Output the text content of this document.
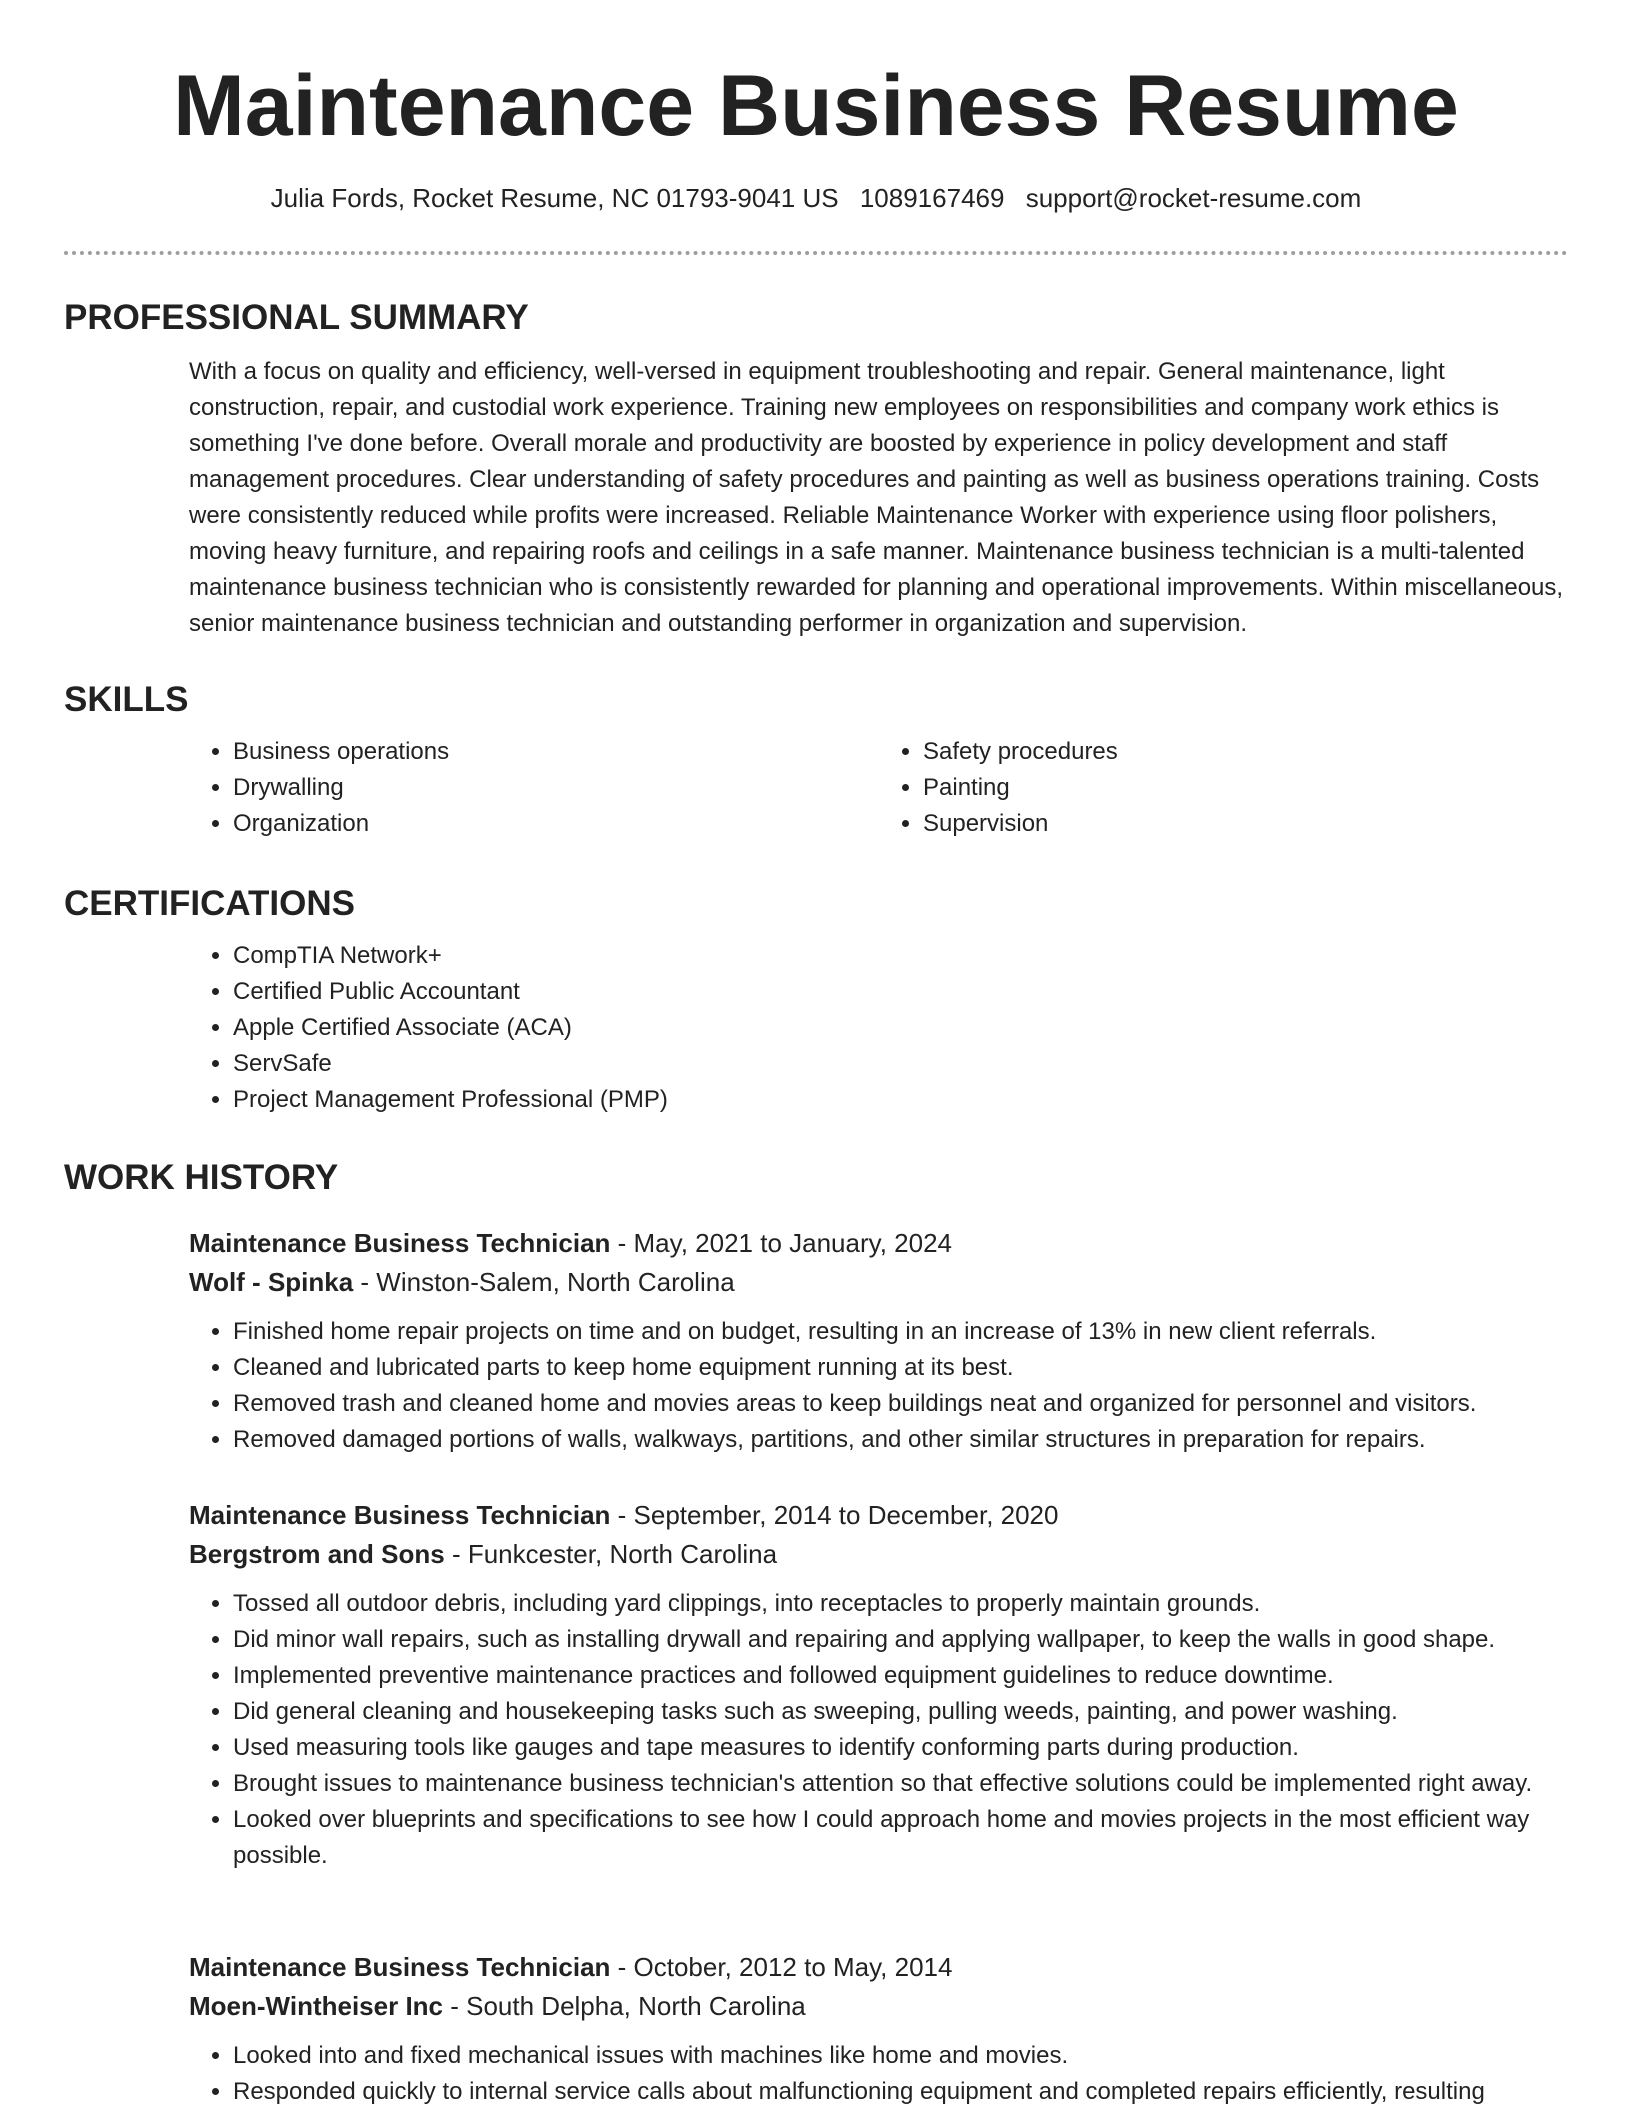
Maintenance Business Resume
Julia Fords, Rocket Resume, NC 01793-9041 US 1089167469 support@rocket-resume.com
PROFESSIONAL SUMMARY

With a focus on quality and efficiency, well-versed in equipment troubleshooting and repair. General maintenance, light construction, repair, and custodial work experience. Training new employees on responsibilities and company work ethics is something I've done before. Overall morale and productivity are boosted by experience in policy development and staff management procedures. Clear understanding of safety procedures and painting as well as business operations training. Costs were consistently reduced while profits were increased. Reliable Maintenance Worker with experience using floor polishers, moving heavy furniture, and repairing roofs and ceilings in a safe manner. Maintenance business technician is a multi-talented maintenance business technician who is consistently rewarded for planning and operational improvements. Within miscellaneous, senior maintenance business technician and outstanding performer in organization and supervision.

SKILLS
• Business operations
• Drywalling
• Organization
• Safety procedures
• Painting
• Supervision
CERTIFICATIONS
• CompTIA Network+
• Certified Public Accountant
• Apple Certified Associate (ACA)
• ServSafe
• Project Management Professional (PMP)
WORK HISTORY

Maintenance Business Technician - May, 2021 to January, 2024

Wolf - Spinka - Winston-Salem, North Carolina

• Finished home repair projects on time and on budget, resulting in an increase of 13% in new client referrals.
• Cleaned and lubricated parts to keep home equipment running at its best.
• Removed trash and cleaned home and movies areas to keep buildings neat and organized for personnel and visitors.
• Removed damaged portions of walls, walkways, partitions, and other similar structures in preparation for repairs.

Maintenance Business Technician - September, 2014 to December, 2020

Bergstrom and Sons - Funkcester, North Carolina

• Tossed all outdoor debris, including yard clippings, into receptacles to properly maintain grounds.
• Did minor wall repairs, such as installing drywall and repairing and applying wallpaper, to keep the walls in good shape.
• Implemented preventive maintenance practices and followed equipment guidelines to reduce downtime.
• Did general cleaning and housekeeping tasks such as sweeping, pulling weeds, painting, and power washing.
• Used measuring tools like gauges and tape measures to identify conforming parts during production.
• Brought issues to maintenance business technician's attention so that effective solutions could be implemented right away.
• Looked over blueprints and specifications to see how I could approach home and movies projects in the most efficient way possible.

Maintenance Business Technician - October, 2012 to May, 2014

Moen-Wintheiser Inc - South Delpha, North Carolina

• Looked into and fixed mechanical issues with machines like home and movies.
• Responded quickly to internal service calls about malfunctioning equipment and completed repairs efficiently, resulting
